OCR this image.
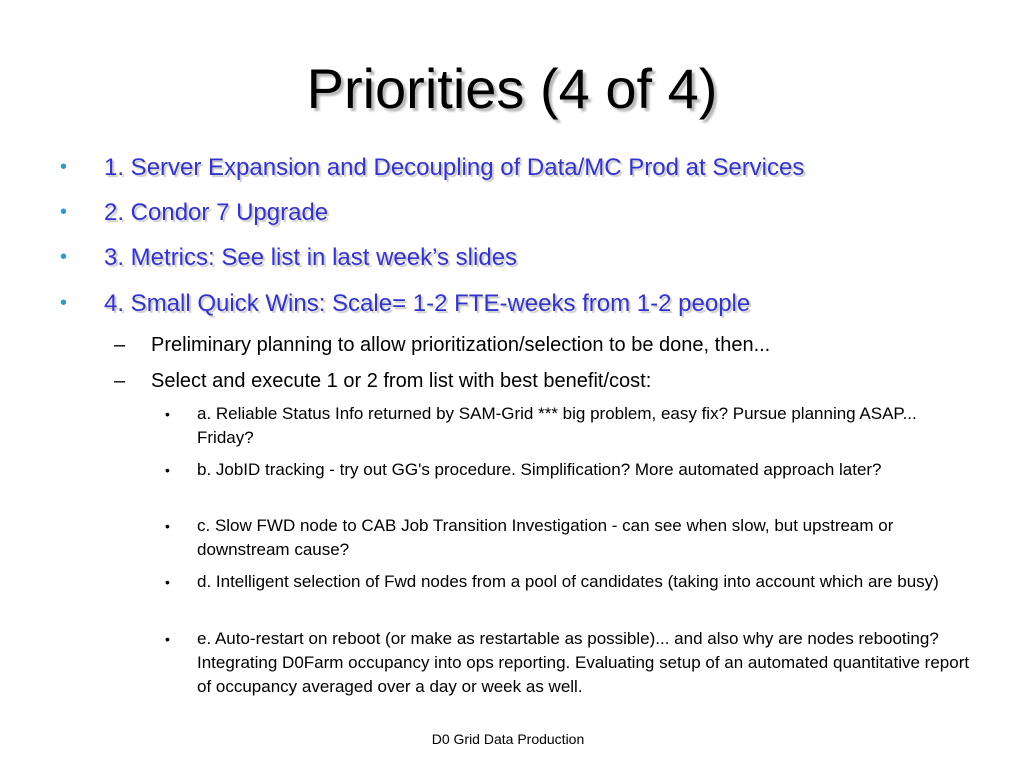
Priorities (4 of 4)
• 1. Server Expansion and Decoupling of Data/MC Prod at Services
• 2. Condor 7 Upgrade
• 3. Metrics: See list in last week’s slides
• 4. Small Quick Wins: Scale= 1-2 FTE-weeks from 1-2 people
– Preliminary planning to allow prioritization/selection to be done, then...
– Select and execute 1 or 2 from list with best benefit/cost:
• a. Reliable Status Info returned by SAM-Grid *** big problem, easy fix? Pursue planning ASAP... Friday?
• b. JobID tracking - try out GG's procedure. Simplification? More automated approach later?
• c. Slow FWD node to CAB Job Transition Investigation - can see when slow, but upstream or downstream cause?
• d. Intelligent selection of Fwd nodes from a pool of candidates (taking into account which are busy)
• e. Auto-restart on reboot (or make as restartable as possible)... and also why are nodes rebooting? Integrating D0Farm occupancy into ops reporting. Evaluating setup of an automated quantitative report of occupancy averaged over a day or week as well.
D0 Grid Data Production
